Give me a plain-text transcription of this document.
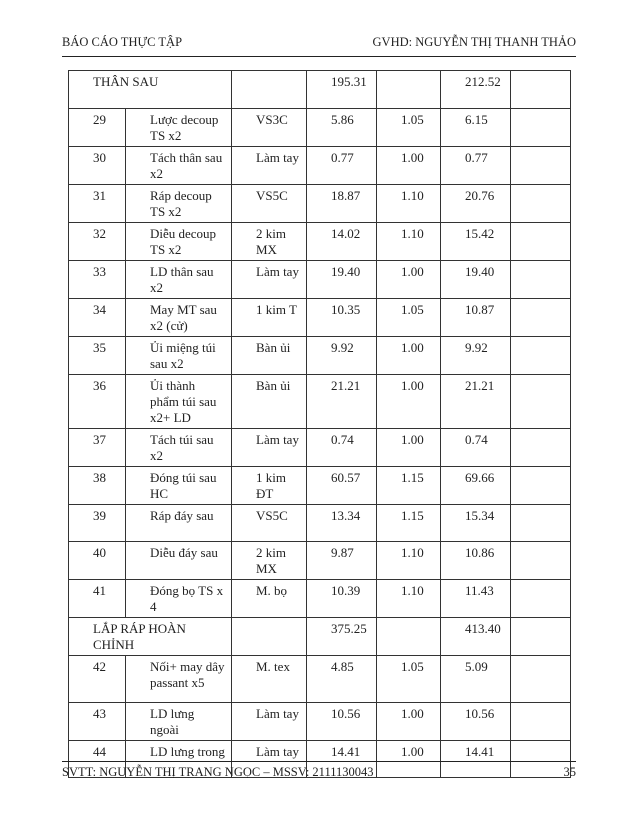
BÁO CÁO THỰC TẬP	GVHD: NGUYỄN THỊ THANH THẢO
THÂN SAU			195.31		212.52	
29	Lược decoup TS x2	VS3C	5.86	1.05	6.15	
30	Tách thân sau x2	Làm tay	0.77	1.00	0.77	
31	Ráp decoup TS x2	VS5C	18.87	1.10	20.76	
32	Diễu decoup TS x2	2 kim MX	14.02	1.10	15.42	
33	LD thân sau x2	Làm tay	19.40	1.00	19.40	
34	May MT sau x2 (cử)	1 kim T	10.35	1.05	10.87	
35	Ủi miệng túi sau x2	Bàn ủi	9.92	1.00	9.92	
36	Ủi thành phẩm túi sau x2+ LD	Bàn ủi	21.21	1.00	21.21	
37	Tách túi sau x2	Làm tay	0.74	1.00	0.74	
38	Đóng túi sau HC	1 kim ĐT	60.57	1.15	69.66	
39	Ráp đáy sau	VS5C	13.34	1.15	15.34	
40	Diễu đáy sau	2 kim MX	9.87	1.10	10.86	
41	Đóng bọ TS x 4	M. bọ	10.39	1.10	11.43	
LẮP RÁP HOÀN CHỈNH			375.25		413.40	
42	Nối+ may dây passant x5	M. tex	4.85	1.05	5.09	
43	LD lưng ngoài	Làm tay	10.56	1.00	10.56	
44	LD lưng trong	Làm tay	14.41	1.00	14.41	
SVTT: NGUYỄN THỊ TRANG NGỌC – MSSV: 2111130043	35
